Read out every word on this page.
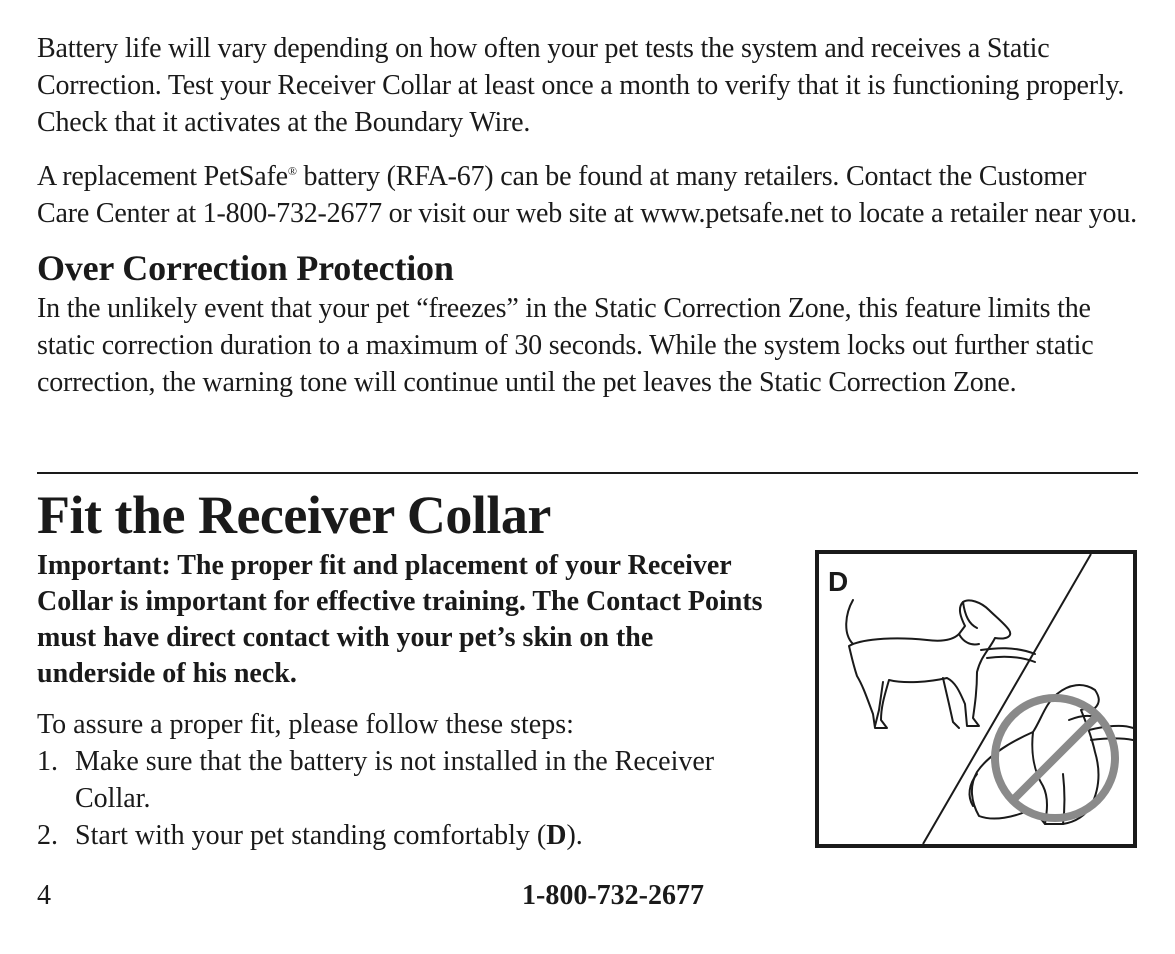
Battery life will vary depending on how often your pet tests the system and receives a Static Correction. Test your Receiver Collar at least once a month to verify that it is functioning properly. Check that it activates at the Boundary Wire.

A replacement PetSafe® battery (RFA-67) can be found at many retailers. Contact the Customer Care Center at 1-800-732-2677 or visit our web site at www.petsafe.net to locate a retailer near you.

Over Correction Protection

In the unlikely event that your pet “freezes” in the Static Correction Zone, this feature limits the static correction duration to a maximum of 30 seconds. While the system locks out further static correction, the warning tone will continue until the pet leaves the Static Correction Zone.

Fit the Receiver Collar

Important: The proper fit and placement of your Receiver Collar is important for effective training. The Contact Points must have direct contact with your pet’s skin on the underside of his neck.

To assure a proper fit, please follow these steps:

1. Make sure that the battery is not installed in the Receiver Collar.
2. Start with your pet standing comfortably (D).
D
4	1-800-732-2677
